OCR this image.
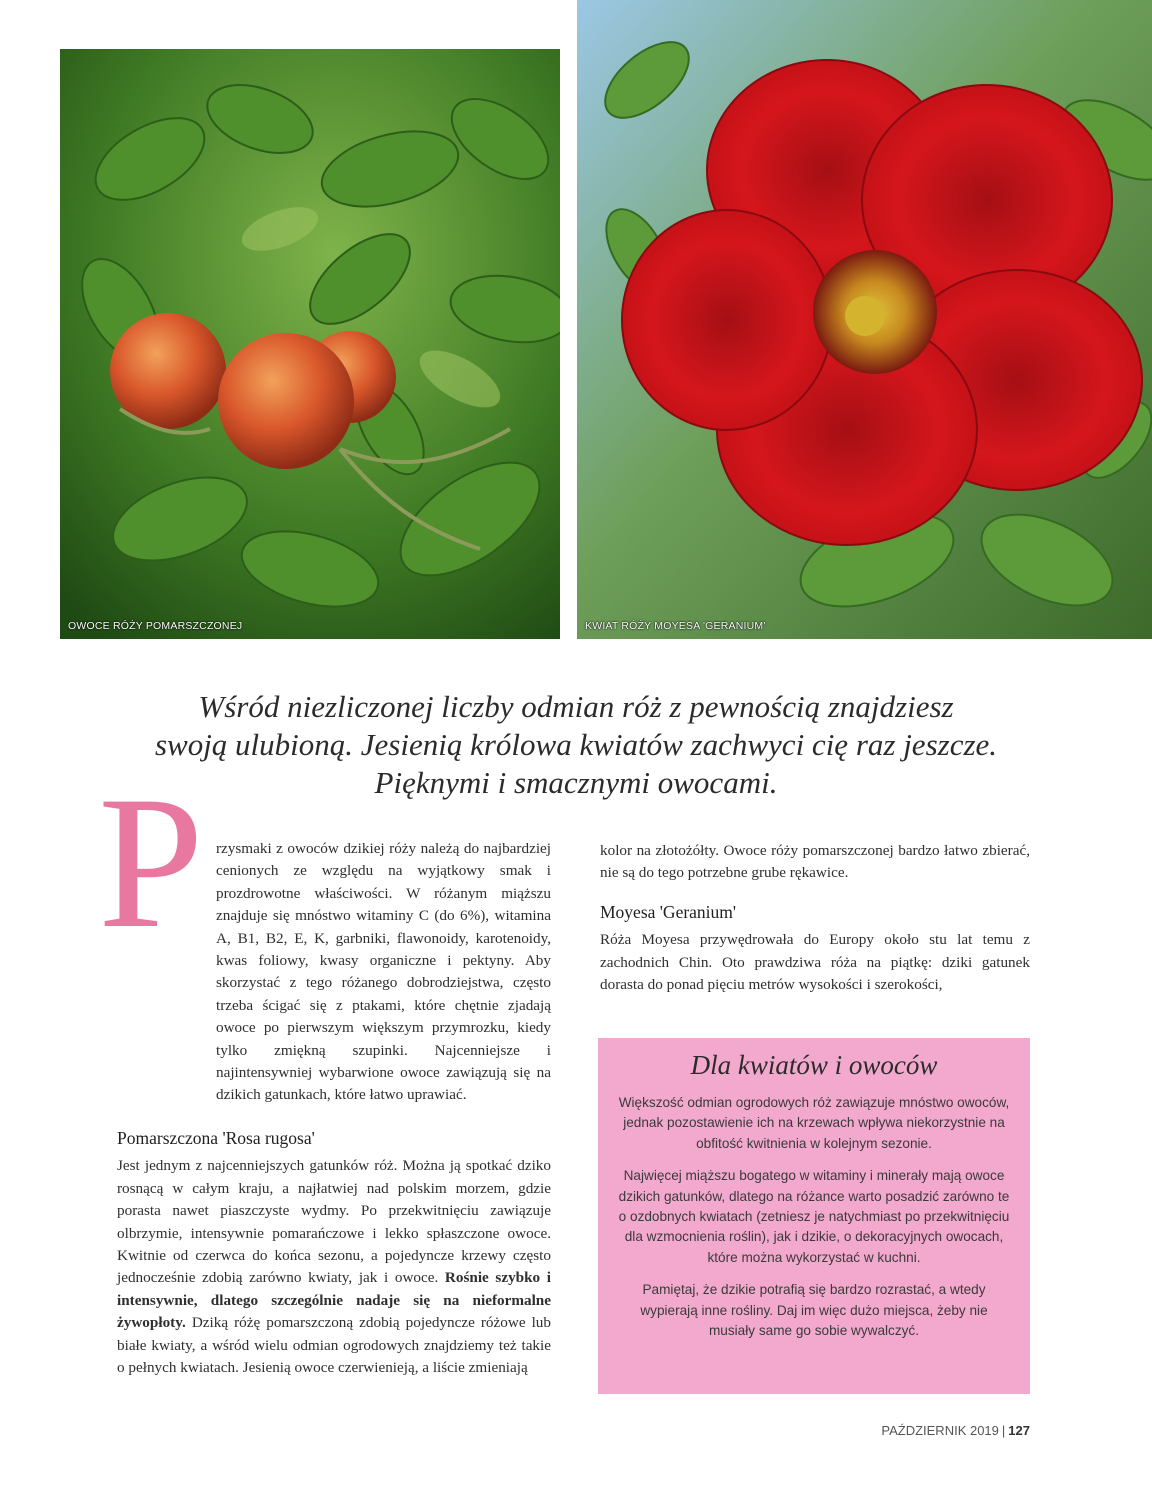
OWOCE RÓŻY POMARSZCZONEJ	KWIAT RÓŻY MOYESA 'GERANIUM'
Wśród niezliczonej liczby odmian róż z pewnością znajdziesz
swoją ulubioną. Jesienią królowa kwiatów zachwyci cię raz jeszcze.
Pięknymi i smacznymi owocami.
P rzysmaki z owoców dzikiej róży należą do najbardziej cenionych ze względu na wyjątkowy smak i prozdrowotne właściwości. W różanym miąższu znajduje się mnóstwo witaminy C (do 6%), witamina A, B1, B2, E, K, garbniki, flawonoidy, karotenoidy, kwas foliowy, kwasy organiczne i pektyny. Aby skorzystać z tego różanego dobrodziejstwa, często trzeba ścigać się z ptakami, które chętnie zjadają owoce po pierwszym większym przymrozku, kiedy tylko zmiękną szupinki. Najcenniejsze i najintensywniej wybarwione owoce zawiązują się na dzikich gatunkach, które łatwo uprawiać.

Pomarszczona 'Rosa rugosa'

Jest jednym z najcenniejszych gatunków róż. Można ją spotkać dziko rosnącą w całym kraju, a najłatwiej nad polskim morzem, gdzie porasta nawet piaszczyste wydmy. Po przekwitnięciu zawiązuje olbrzymie, intensywnie pomarańczowe i lekko spłaszczone owoce. Kwitnie od czerwca do końca sezonu, a pojedyncze krzewy często jednocześnie zdobią zarówno kwiaty, jak i owoce. Rośnie szybko i intensywnie, dlatego szczególnie nadaje się na nieformalne żywopłoty. Dziką różę pomarszczoną zdobią pojedyncze różowe lub białe kwiaty, a wśród wielu odmian ogrodowych znajdziemy też takie o pełnych kwiatach. Jesienią owoce czerwienieją, a liście zmieniają

kolor na złotożółty. Owoce róży pomarszczonej bardzo łatwo zbierać, nie są do tego potrzebne grube rękawice.

Moyesa 'Geranium'

Róża Moyesa przywędrowała do Europy około stu lat temu z zachodnich Chin. Oto prawdziwa róża na piątkę: dziki gatunek dorasta do ponad pięciu metrów wysokości i szerokości,

Dla kwiatów i owoców

Większość odmian ogrodowych róż zawiązuje mnóstwo owoców, jednak pozostawienie ich na krzewach wpływa niekorzystnie na obfitość kwitnienia w kolejnym sezonie.

Najwięcej miąższu bogatego w witaminy i minerały mają owoce dzikich gatunków, dlatego na różance warto posadzić zarówno te o ozdobnych kwiatach (zetniesz je natychmiast po przekwitnięciu dla wzmocnienia roślin), jak i dzikie, o dekoracyjnych owocach, które można wykorzystać w kuchni.

Pamiętaj, że dzikie potrafią się bardzo rozrastać, a wtedy wypierają inne rośliny. Daj im więc dużo miejsca, żeby nie musiały same go sobie wywalczyć.

PAŹDZIERNIK 2019 | 127
